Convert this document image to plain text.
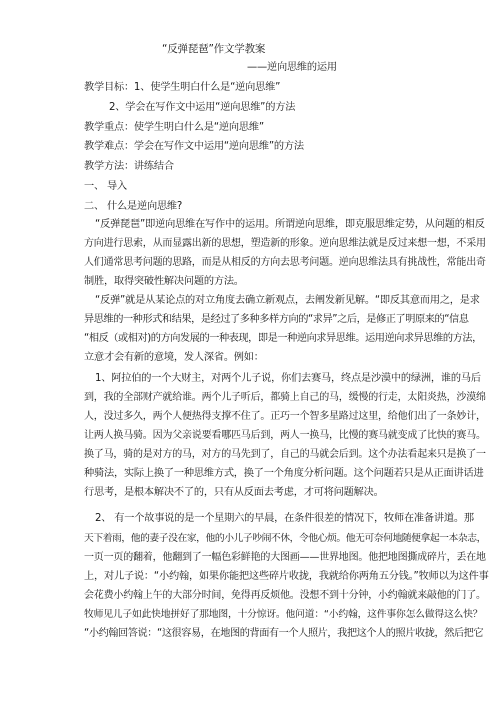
“反弹琵琶”作文学教案
——逆向思维的运用
教学目标：1、使学生明白什么是“逆向思维”
2、学会在写作文中运用“逆向思维”的方法
教学重点：使学生明白什么是“逆向思维”
教学难点：学会在写作文中运用“逆向思维”的方法
教学方法：讲练结合
一、 导入
二、 什么是逆向思维?
“反弹琵琶”即逆向思维在写作中的运用。所谓逆向思维，即克服思维定势，从问题的相反
方向进行思索，从而显露出新的思想，塑造新的形象。逆向思维法就是反过来想一想，不采用
人们通常思考问题的思路，而是从相反的方向去思考问题。逆向思维法具有挑战性，常能出奇
制胜，取得突破性解决问题的方法。
“反弹”就是从某论点的对立角度去确立新观点，去阐发新见解。“即反其意而用之，是求
异思维的一种形式和结果，是经过了多种多样方向的“求异”之后，是修正了明原来的“信息
“相反（或相对)的方向发展的一种表现，即是一种逆向求异思维。运用逆向求异思维的方法，
立意才会有新的意境，发人深省。例如：
1、阿拉伯的一个大财主，对两个儿子说，你们去赛马，终点是沙漠中的绿洲，谁的马后
到，我的全部财产就给谁。两个儿子听后，都骑上自己的马，缓慢的行走，太阳炎热，沙漠绵
人，没过多久，两个人便热得支撑不住了。正巧一个智多星路过这里，给他们出了一条妙计，
让两人换马骑。因为父亲说要看哪匹马后到，两人一换马，比慢的赛马就变成了比快的赛马。
换了马，骑的是对方的马，对方的马先到了，自己的马就会后到。这个办法看起来只是换了一
种骑法，实际上换了一种思维方式，换了一个角度分析问题。这个问题若只是从正面讲话进
行思考，是根本解决不了的，只有从反面去考虑，才可将问题解决。
2、 有一个故事说的是一个星期六的早晨，在条件很差的情况下，牧师在准备讲道。那
天下着雨，他的妻子没在家，他的小儿子吵闹不休，令他心烦。他无可奈何地随便拿起一本杂志，
一页一页的翻着，他翻到了一幅色彩鲜艳的大图画——世界地图。他把地图撕成碎片，丢在地
上，对儿子说：“小约翰，如果你能把这些碎片收拢，我就给你两角五分钱。”牧师以为这件事
会花费小约翰上午的大部分时间，免得再反烦他。没想不到十分钟，小约翰就来敲他的门了。
牧师见儿子如此快地拼好了那地图，十分惊讶。他问道：“小约翰，这件事你怎么做得这么快？
“小约翰回答说：“这很容易，在地图的背面有一个人照片，我把这个人的照片收拢，然后把它
